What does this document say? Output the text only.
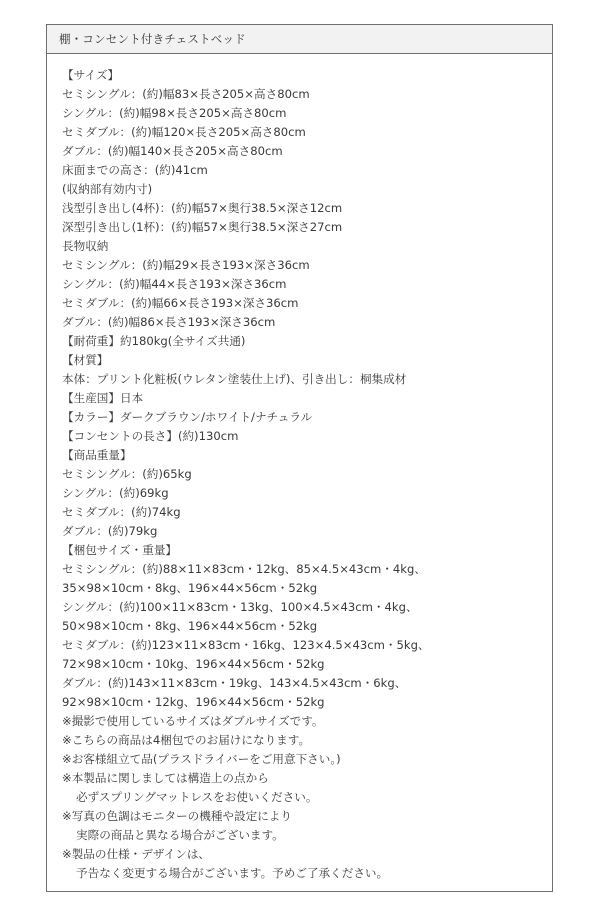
棚・コンセント付きチェストベッド
【サイズ】
セミシングル：(約)幅83×長さ205×高さ80cm
シングル：(約)幅98×長さ205×高さ80cm
セミダブル：(約)幅120×長さ205×高さ80cm
ダブル：(約)幅140×長さ205×高さ80cm
床面までの高さ：(約)41cm
(収納部有効内寸)
浅型引き出し(4杯)：(約)幅57×奥行38.5×深さ12cm
深型引き出し(1杯)：(約)幅57×奥行38.5×深さ27cm
長物収納
セミシングル：(約)幅29×長さ193×深さ36cm
シングル：(約)幅44×長さ193×深さ36cm
セミダブル：(約)幅66×長さ193×深さ36cm
ダブル：(約)幅86×長さ193×深さ36cm
【耐荷重】約180kg(全サイズ共通)
【材質】
本体：プリント化粧板(ウレタン塗装仕上げ)、引き出し：桐集成材
【生産国】日本
【カラー】ダークブラウン/ホワイト/ナチュラル
【コンセントの長さ】(約)130cm
【商品重量】
セミシングル：(約)65kg
シングル：(約)69kg
セミダブル：(約)74kg
ダブル：(約)79kg
【梱包サイズ・重量】
セミシングル：(約)88×11×83cm・12kg、85×4.5×43cm・4kg、
35×98×10cm・8kg、196×44×56cm・52kg
シングル：(約)100×11×83cm・13kg、100×4.5×43cm・4kg、
50×98×10cm・8kg、196×44×56cm・52kg
セミダブル：(約)123×11×83cm・16kg、123×4.5×43cm・5kg、
72×98×10cm・10kg、196×44×56cm・52kg
ダブル：(約)143×11×83cm・19kg、143×4.5×43cm・6kg、
92×98×10cm・12kg、196×44×56cm・52kg
※撮影で使用しているサイズはダブルサイズです。
※こちらの商品は4梱包でのお届けになります。
※お客様組立て品(プラスドライバーをご用意下さい。)
※本製品に関しましては構造上の点から
必ずスプリングマットレスをお使いください。
※写真の色調はモニターの機種や設定により
実際の商品と異なる場合がございます。
※製品の仕様・デザインは、
予告なく変更する場合がございます。予めご了承ください。
